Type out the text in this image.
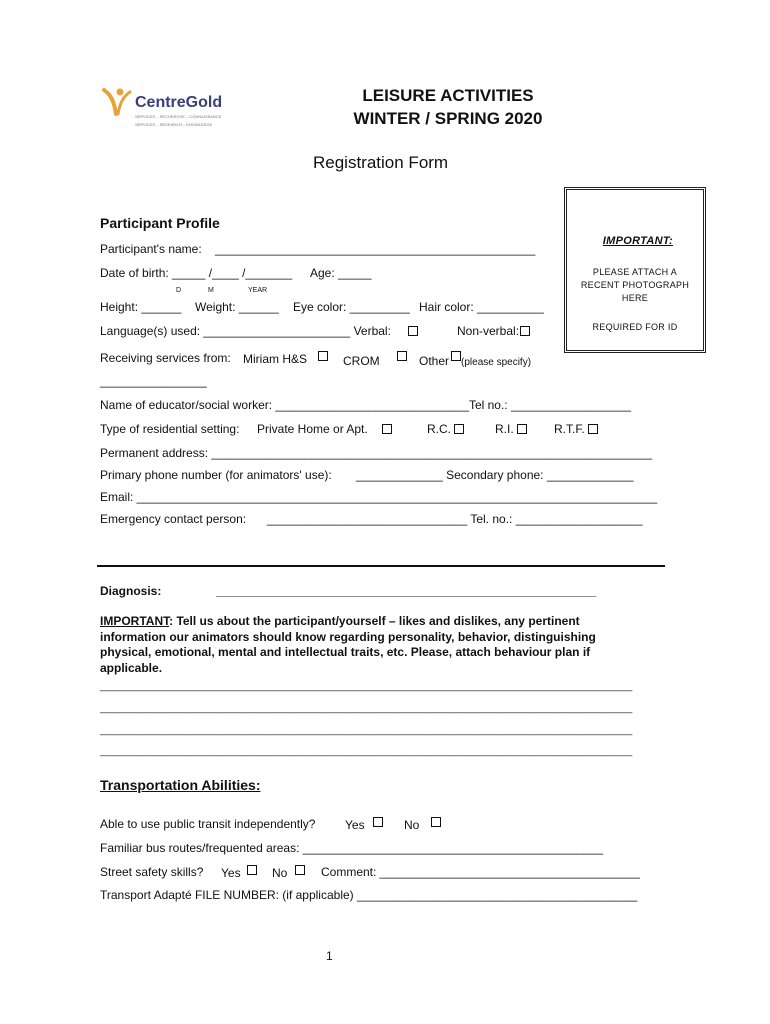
CentreGold
SERVICES – RECHERCHE – CONNAISSANCE
SERVICES – RESEARCH – KNOWLEDGE
LEISURE ACTIVITIES
WINTER / SPRING 2020
Registration Form
IMPORTANT:
PLEASE ATTACH A
RECENT PHOTOGRAPH
HERE
REQUIRED FOR ID
Participant Profile
Participant's name: ________________________________________________
Date of birth: _____ /____ /_______ Age: _____
D	M	YEAR
Height: ______ Weight: ______ Eye color: _________ Hair color: __________
Language(s) used: ______________________ Verbal:	Non-verbal:
Receiving services from: Miriam H&S	CROM	Other (please specify)
________________
Name of educator/social worker: _____________________________Tel no.: __________________
Type of residential setting: Private Home or Apt.	R.C.	R.I.	R.T.F.
Permanent address: __________________________________________________________________
Primary phone number (for animators' use): _____________ Secondary phone: _____________
Email: ______________________________________________________________________________
Emergency contact person: ______________________________ Tel. no.: ___________________
Diagnosis:	_________________________________________________________
IMPORTANT: Tell us about the participant/yourself – likes and dislikes, any pertinent information our animators should know regarding personality, behavior, distinguishing physical, emotional, mental and intellectual traits, etc. Please, attach behaviour plan if applicable.
_______________________________________________________________________________________
_______________________________________________________________________________________
_______________________________________________________________________________________
_______________________________________________________________________________________
Transportation Abilities:
Able to use public transit independently? Yes	No
Familiar bus routes/frequented areas: _____________________________________________
Street safety skills? Yes	No	Comment: _______________________________________
Transport Adapté FILE NUMBER: (if applicable) __________________________________________
1
